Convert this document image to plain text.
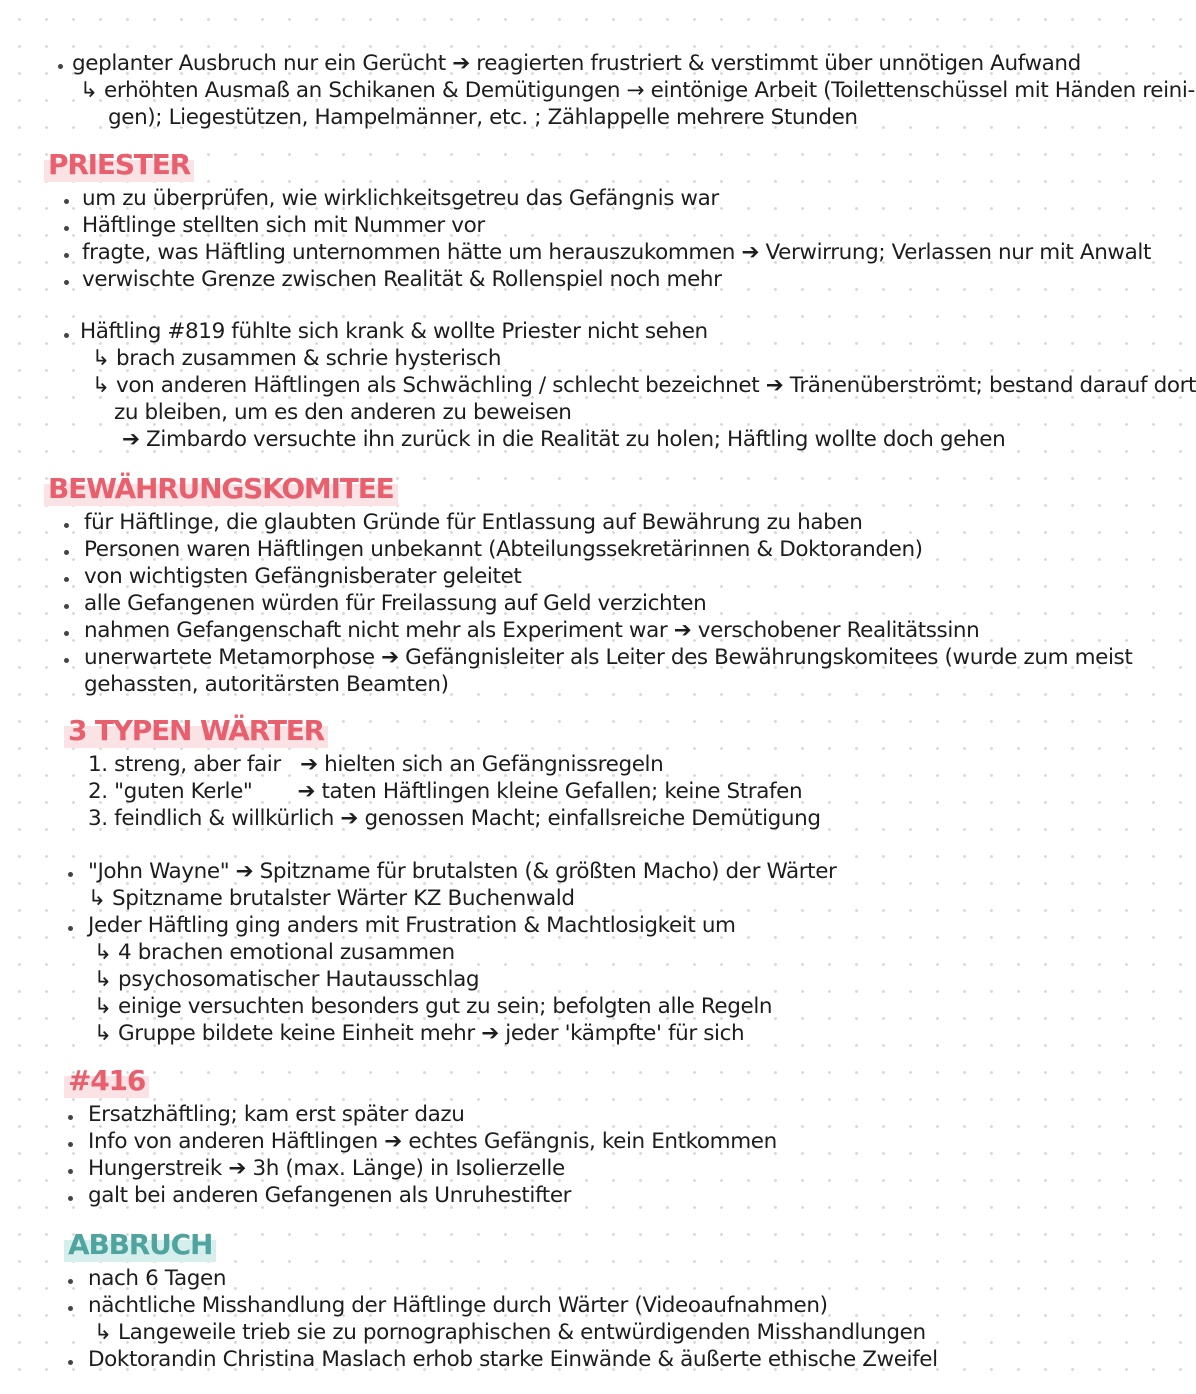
geplanter Ausbruch nur ein Gerücht ➔ reagierten frustriert & verstimmt über unnötigen Aufwand
↳ erhöhten Ausmaß an Schikanen & Demütigungen → eintönige Arbeit (Toilettenschüssel mit Händen reini-
gen); Liegestützen, Hampelmänner, etc. ; Zählappelle mehrere Stunden
PRIESTER
um zu überprüfen, wie wirklichkeitsgetreu das Gefängnis war
Häftlinge stellten sich mit Nummer vor
fragte, was Häftling unternommen hätte um herauszukommen ➔ Verwirrung; Verlassen nur mit Anwalt
verwischte Grenze zwischen Realität & Rollenspiel noch mehr
Häftling #819 fühlte sich krank & wollte Priester nicht sehen
↳ brach zusammen & schrie hysterisch
↳ von anderen Häftlingen als Schwächling / schlecht bezeichnet ➔ Tränenüberströmt; bestand darauf dort
zu bleiben, um es den anderen zu beweisen
➔ Zimbardo versuchte ihn zurück in die Realität zu holen; Häftling wollte doch gehen
BEWÄHRUNGSKOMITEE
für Häftlinge, die glaubten Gründe für Entlassung auf Bewährung zu haben
Personen waren Häftlingen unbekannt (Abteilungssekretärinnen & Doktoranden)
von wichtigsten Gefängnisberater geleitet
alle Gefangenen würden für Freilassung auf Geld verzichten
nahmen Gefangenschaft nicht mehr als Experiment war ➔ verschobener Realitätssinn
unerwartete Metamorphose ➔ Gefängnisleiter als Leiter des Bewährungskomitees (wurde zum meist
gehassten, autoritärsten Beamten)
3 TYPEN WÄRTER
1. streng, aber fair   ➔ hielten sich an Gefängnissregeln
2. "guten Kerle"       ➔ taten Häftlingen kleine Gefallen; keine Strafen
3. feindlich & willkürlich ➔ genossen Macht; einfallsreiche Demütigung
"John Wayne" ➔ Spitzname für brutalsten (& größten Macho) der Wärter
↳ Spitzname brutalster Wärter KZ Buchenwald
Jeder Häftling ging anders mit Frustration & Machtlosigkeit um
↳ 4 brachen emotional zusammen
↳ psychosomatischer Hautausschlag
↳ einige versuchten besonders gut zu sein; befolgten alle Regeln
↳ Gruppe bildete keine Einheit mehr ➔ jeder 'kämpfte' für sich
#416
Ersatzhäftling; kam erst später dazu
Info von anderen Häftlingen ➔ echtes Gefängnis, kein Entkommen
Hungerstreik ➔ 3h (max. Länge) in Isolierzelle
galt bei anderen Gefangenen als Unruhestifter
ABBRUCH
nach 6 Tagen
nächtliche Misshandlung der Häftlinge durch Wärter (Videoaufnahmen)
↳ Langeweile trieb sie zu pornographischen & entwürdigenden Misshandlungen
Doktorandin Christina Maslach erhob starke Einwände & äußerte ethische Zweifel
